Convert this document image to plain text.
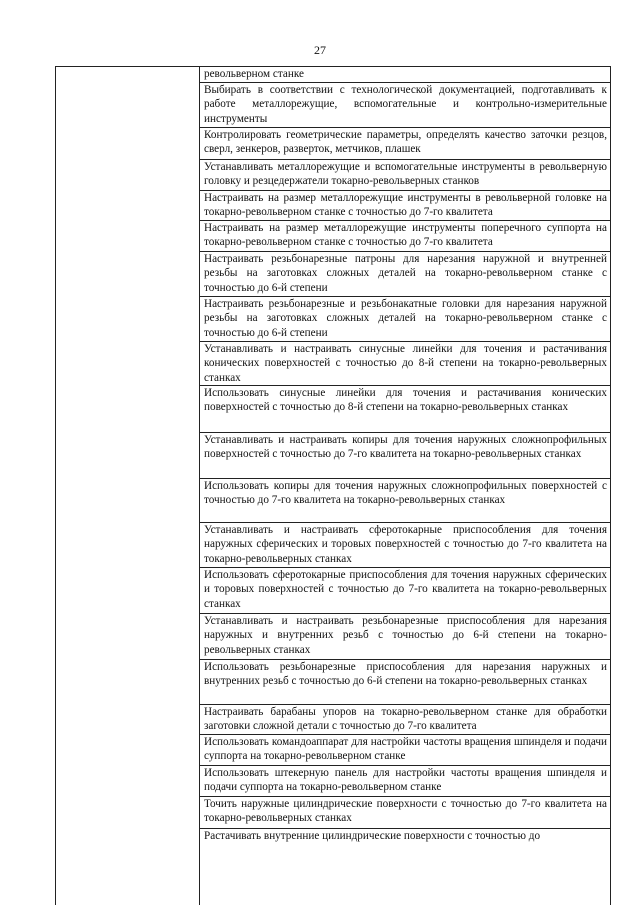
27
револьверном станке
Выбирать в соответствии с технологической документацией, подготавливать к работе металлорежущие, вспомогательные и контрольно-измерительные инструменты
Контролировать геометрические параметры, определять качество заточки резцов, сверл, зенкеров, разверток, метчиков, плашек
Устанавливать металлорежущие и вспомогательные инструменты в револьверную головку и резцедержатели токарно-револьверных станков
Настраивать на размер металлорежущие инструменты в револьверной головке на токарно-револьверном станке с точностью до 7-го квалитета
Настраивать на размер металлорежущие инструменты поперечного суппорта на токарно-револьверном станке с точностью до 7-го квалитета
Настраивать резьбонарезные патроны для нарезания наружной и внутренней резьбы на заготовках сложных деталей на токарно-револьверном станке с точностью до 6-й степени
Настраивать резьбонарезные и резьбонакатные головки для нарезания наружной резьбы на заготовках сложных деталей на токарно-револьверном станке с точностью до 6-й степени
Устанавливать и настраивать синусные линейки для точения и растачивания конических поверхностей с точностью до 8-й степени на токарно-револьверных станках
Использовать синусные линейки для точения и растачивания конических поверхностей с точностью до 8-й степени на токарно-револьверных станках
Устанавливать и настраивать копиры для точения наружных сложнопрофильных поверхностей с точностью до 7-го квалитета на токарно-револьверных станках
Использовать копиры для точения наружных сложнопрофильных поверхностей с точностью до 7-го квалитета на токарно-револьверных станках
Устанавливать и настраивать сферотокарные приспособления для точения наружных сферических и торовых поверхностей с точностью до 7-го квалитета на токарно-револьверных станках
Использовать сферотокарные приспособления для точения наружных сферических и торовых поверхностей с точностью до 7-го квалитета на токарно-револьверных станках
Устанавливать и настраивать резьбонарезные приспособления для нарезания наружных и внутренних резьб с точностью до 6-й степени на токарно-револьверных станках
Использовать резьбонарезные приспособления для нарезания наружных и внутренних резьб с точностью до 6-й степени на токарно-револьверных станках
Настраивать барабаны упоров на токарно-револьверном станке для обработки заготовки сложной детали с точностью до 7-го квалитета
Использовать командоаппарат для настройки частоты вращения шпинделя и подачи суппорта на токарно-револьверном станке
Использовать штекерную панель для настройки частоты вращения шпинделя и подачи суппорта на токарно-револьверном станке
Точить наружные цилиндрические поверхности с точностью до 7-го квалитета на токарно-револьверных станках
Растачивать внутренние цилиндрические поверхности с точностью до
